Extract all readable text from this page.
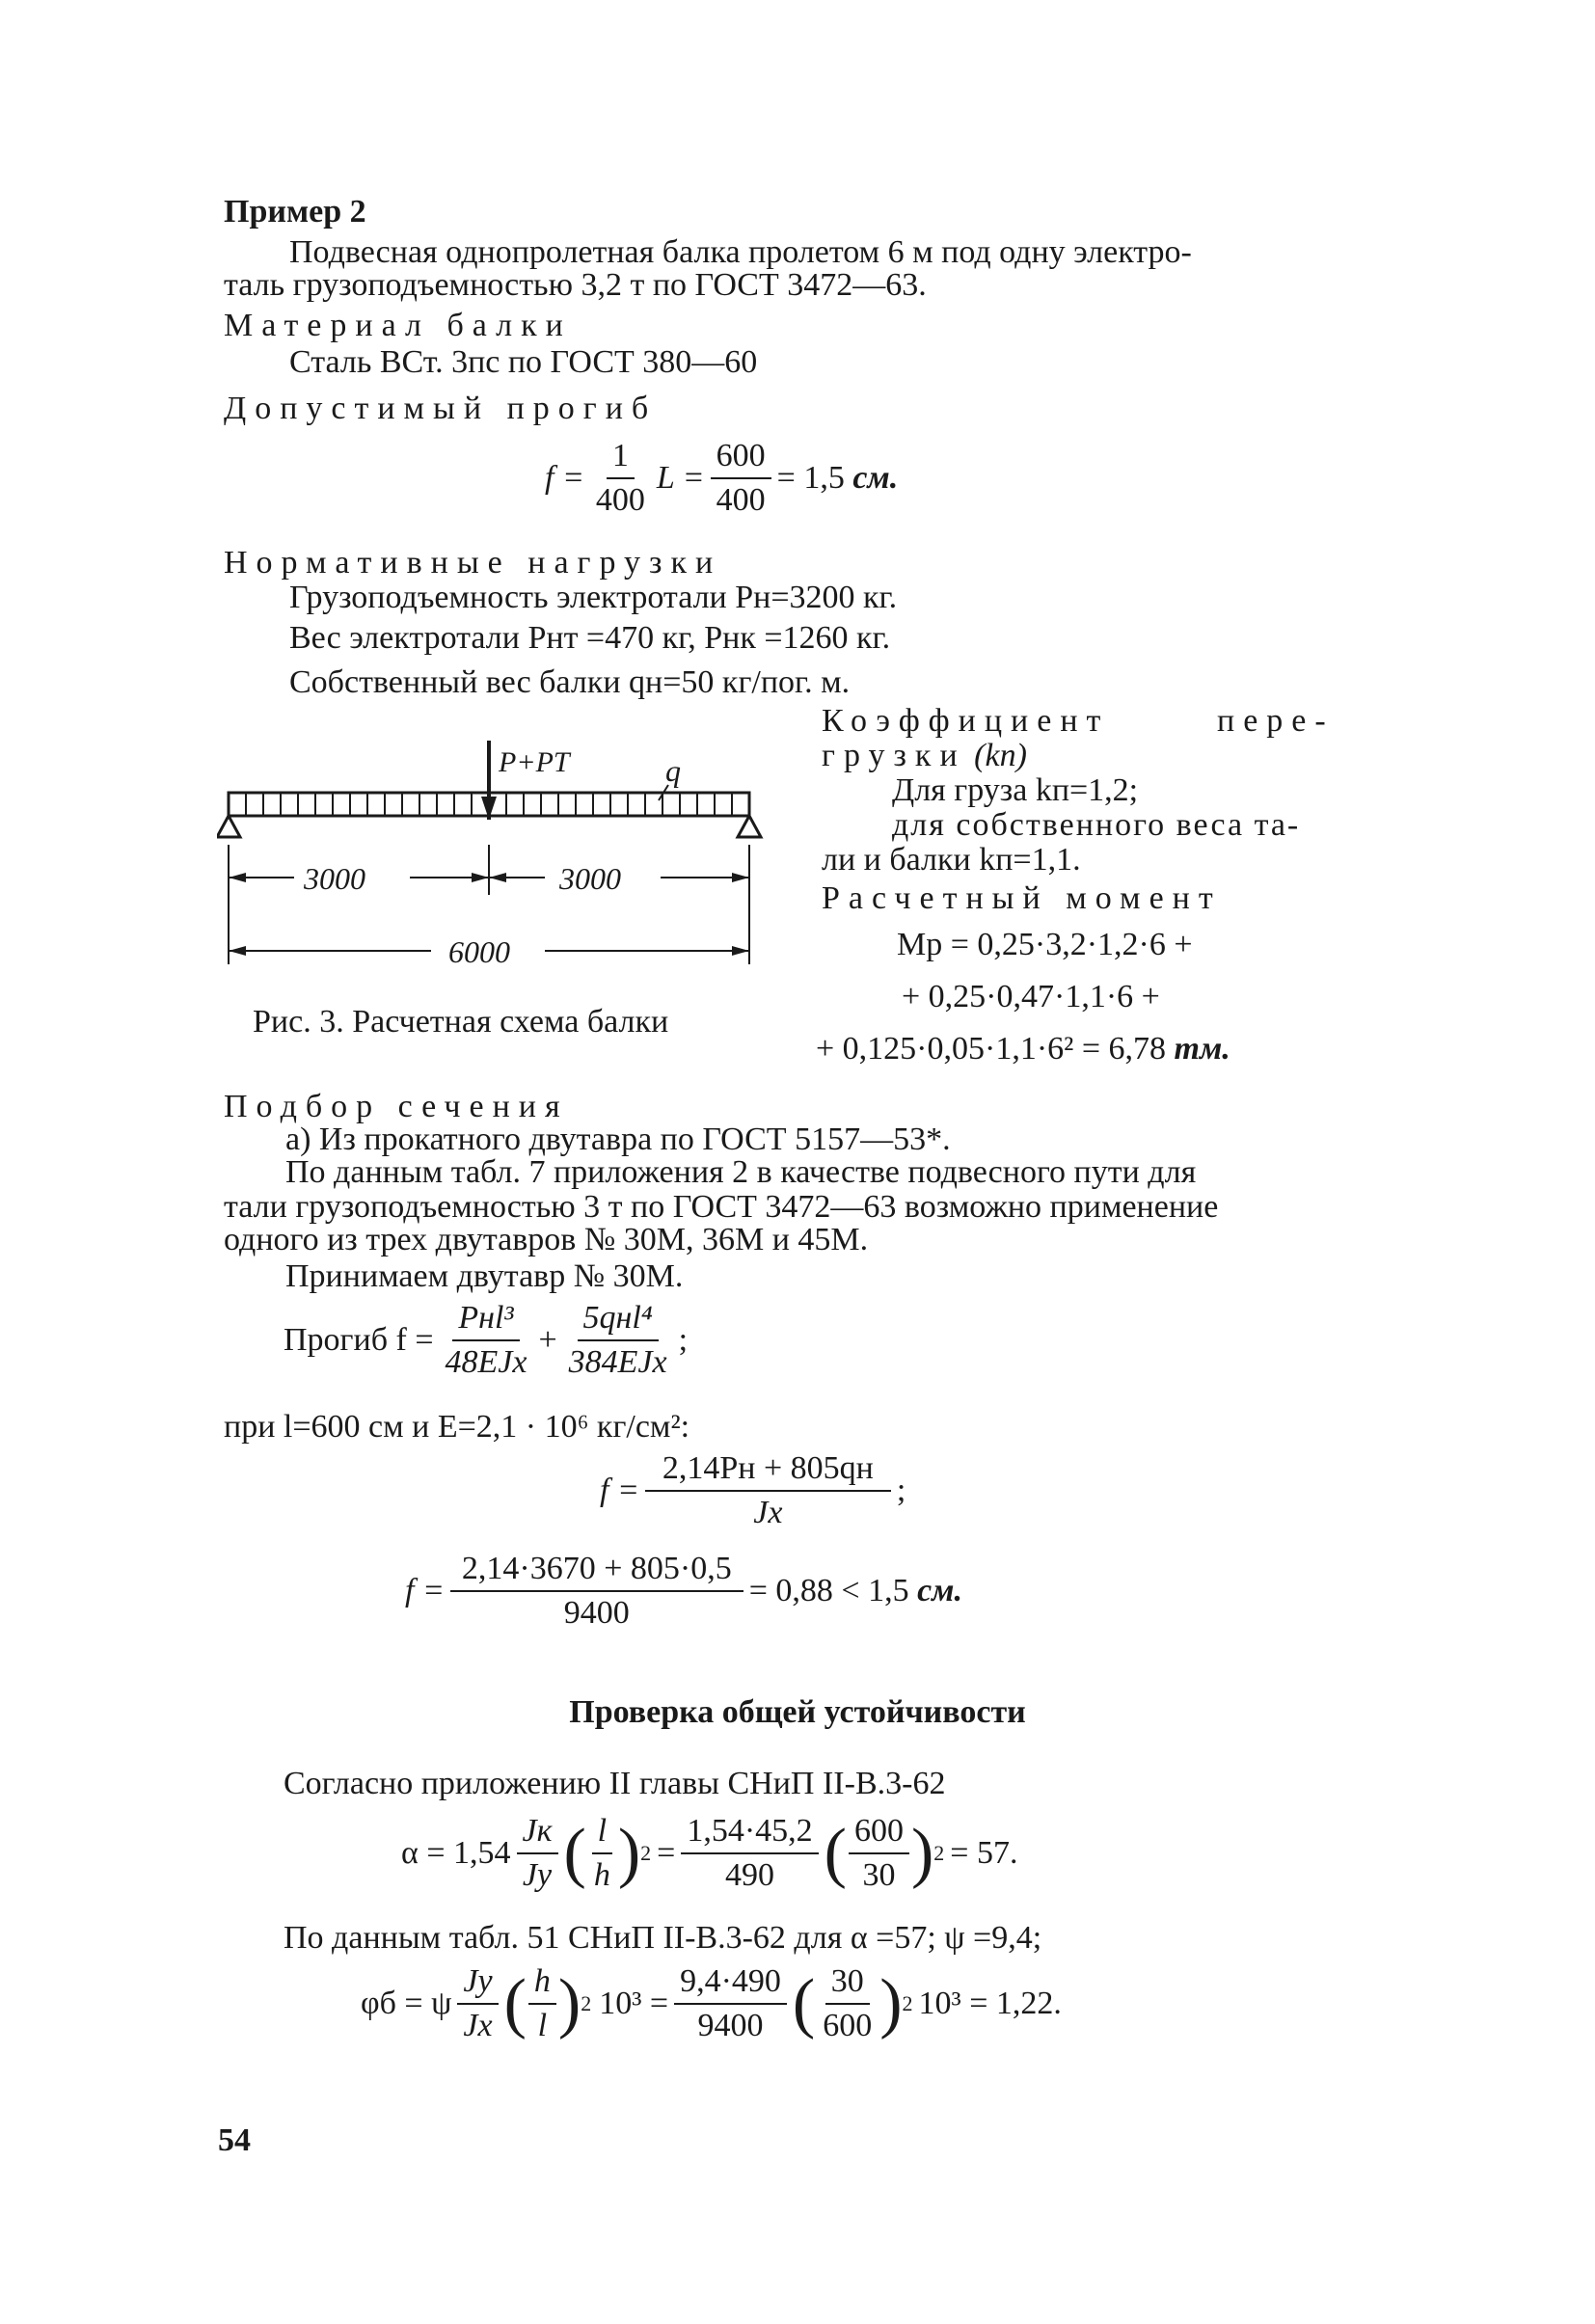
Пример 2
Подвесная однопролетная балка пролетом 6 м под одну электро-
таль грузоподъемностью 3,2 т по ГОСТ 3472—63.
Материал балки
Сталь ВСт. 3пс по ГОСТ 380—60
Допустимый прогиб
$f = \frac{1}{400}$ $L = \frac{600}{400} = 1,5$
см.
Нормативные нагрузки
Грузоподъемность электротали Pн=3200 кг.
Вес электротали Pнт =470 кг, Pнк =1260 кг.
Собственный вес балки qн=50 кг/пог. м.
P+PT	q
3000	3000
6000
Рис. 3. Расчетная схема балки
Коэффициент	пере-
грузки (kп)
Для груза kп=1,2;
для собственного веса та-
ли и балки kп=1,1.
Расчетный момент
Mр = 0,25·3,2·1,2·6 +
+ 0,25·0,47·1,1·6 +
+ 0,125·0,05·1,1·6² = 6,78 тм.
Подбор сечения
а) Из прокатного двутавра по ГОСТ 5157—53*.
По данным табл. 7 приложения 2 в качестве подвесного пути для
тали грузоподъемностью 3 т по ГОСТ 3472—63 возможно применение
одного из трех двутавров № 30М, 36М и 45М.
Принимаем двутавр № 30М.
Прогиб $f = \frac{\text{Pнl³}}{\text{48EJx}} + \frac{\text{5qнl⁴}}{\text{384EJx}}$ ;
при l=600 см и E=2,1 · 10⁶ кг/см²:
$f = \frac{2,14Pн + 805qн}{Jx}$ ;
$f = \frac{2,14\cdot 3670 + 805\cdot 0,5}{9400} = 0,88 < 1,5$
см.
Проверка общей устойчивости
Согласно приложению II главы СНиП II-В.3-62
$\alpha = 1,54 \frac{Jк}{Jy}$ ( $\frac{l}{h}$ ) $2 = \frac{1,54\cdot 45,2}{490}$ ( $\frac{600}{30}$ ) 2 = 57.
По данным табл. 51 СНиП II-В.3-62 для α =57; ψ =9,4;
φб = ψ $\frac{Jy}{Jx}$ ( $\frac{h}{l}$ ) 2 $10^3 = \frac{9,4\cdot 490}{9400}$ ( $\frac{30}{600}$ ) 2 10³ = 1,22.
54
